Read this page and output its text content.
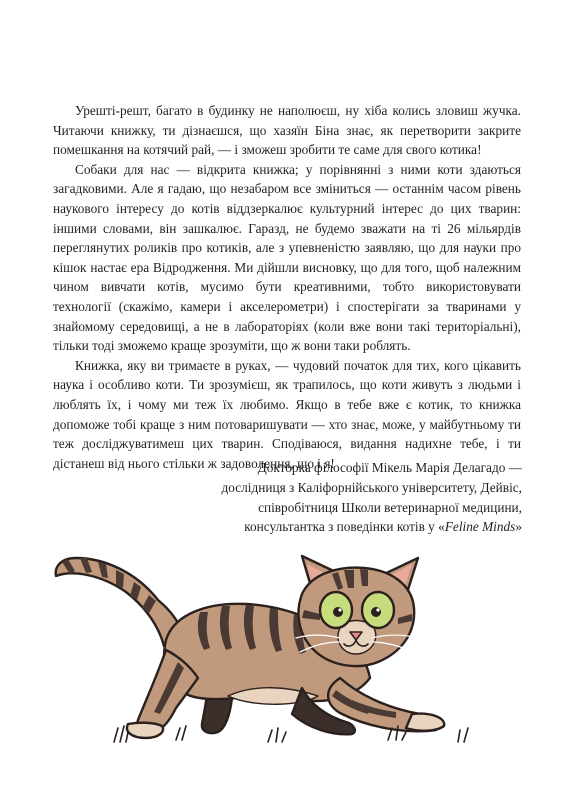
Урешті-решт, багато в будинку не наполюєш, ну хіба колись зловиш жучка. Читаючи книжку, ти дізнаєшся, що хазяїн Біна знає, як перетворити закрите помешкання на котячий рай, — і зможеш зробити те саме для свого котика!

Собаки для нас — відкрита книжка; у порівнянні з ними коти здаються загадковими. Але я гадаю, що незабаром все зміниться — останнім часом рівень наукового інтересу до котів віддзеркалює культурний інтерес до цих тварин: іншими словами, він зашкалює. Гаразд, не будемо зважати на ті 26 мільярдів переглянутих роликів про котиків, але з упевненістю заявляю, що для науки про кішок настає ера Відродження. Ми дійшли висновку, що для того, щоб належним чином вивчати котів, мусимо бути креативними, тобто використовувати технології (скажімо, камери і акселерометри) і спостерігати за тваринами у знайомому середовищі, а не в лабораторіях (коли вже вони такі територіальні), тільки тоді зможемо краще зрозуміти, що ж вони таки роблять.

Книжка, яку ви тримаєте в руках, — чудовий початок для тих, кого цікавить наука і особливо коти. Ти зрозумієш, як трапилось, що коти живуть з людьми і люблять їх, і чому ми теж їх любимо. Якщо в тебе вже є котик, то книжка допоможе тобі краще з ним потоваришувати — хто знає, може, у майбутньому ти теж досліджуватимеш цих тварин. Сподіваюся, видання надихне тебе, і ти дістанеш від нього стільки ж задоволення, що і я!

Докторка філософії Мікель Марія Делагадо —
дослідниця з Каліфорнійського університету, Дейвіс,
співробітниця Школи ветеринарної медицини,
консультантка з поведінки котів у «Feline Minds»
